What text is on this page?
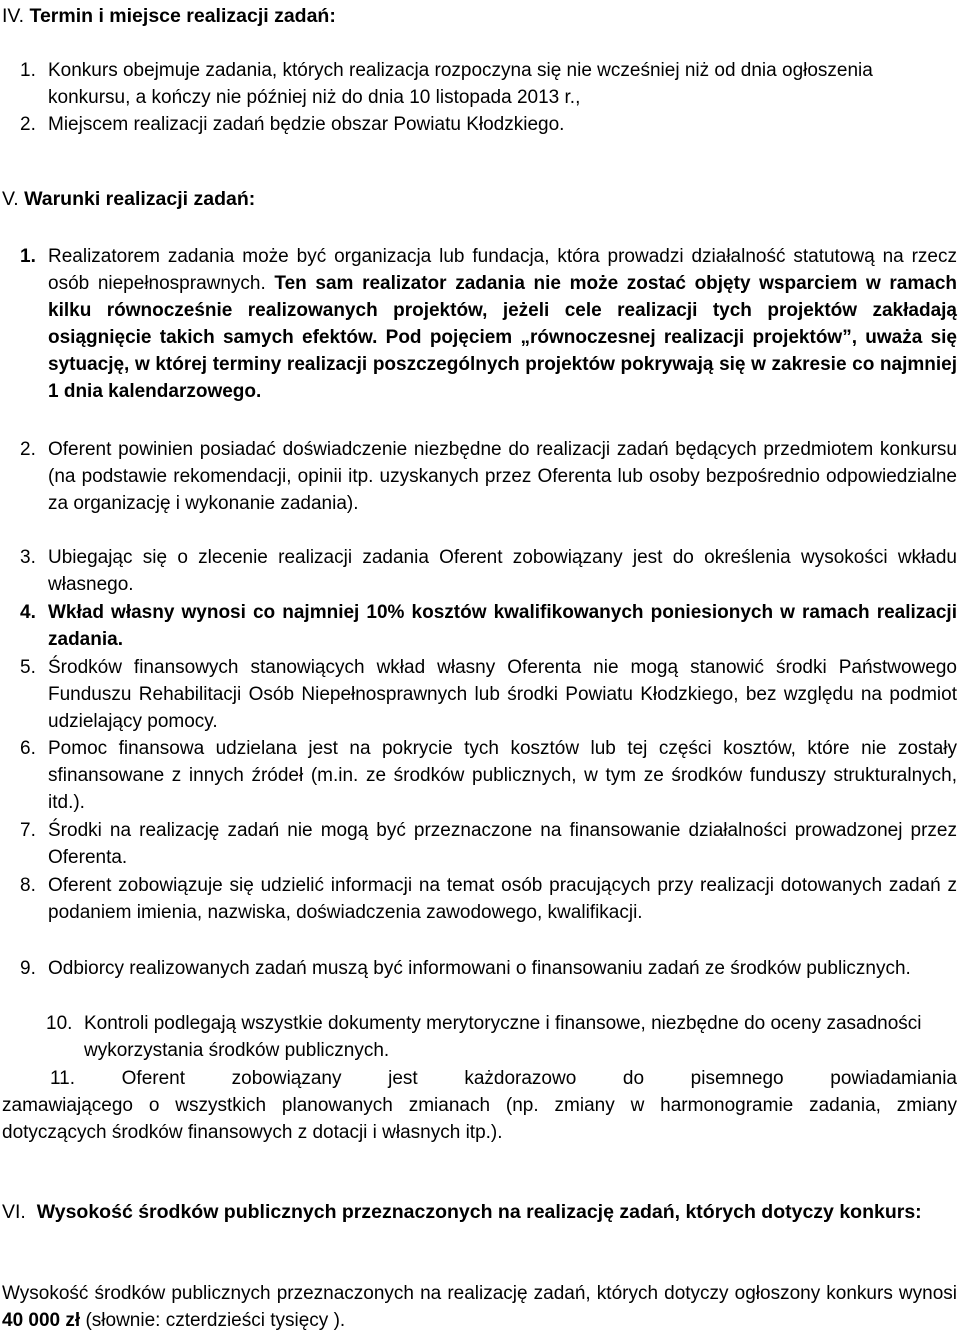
IV. Termin i miejsce realizacji zadań:
1. Konkurs obejmuje zadania, których realizacja rozpoczyna się nie wcześniej niż od dnia ogłoszenia konkursu, a kończy nie później niż do dnia 10 listopada 2013 r.,
2. Miejscem realizacji zadań będzie obszar Powiatu Kłodzkiego.
V. Warunki realizacji zadań:
1. Realizatorem zadania może być organizacja lub fundacja, która prowadzi działalność statutową na rzecz osób niepełnosprawnych. Ten sam realizator zadania nie może zostać objęty wsparciem w ramach kilku równocześnie realizowanych projektów, jeżeli cele realizacji tych projektów zakładają osiągnięcie takich samych efektów. Pod pojęciem „równoczesnej realizacji projektów”, uważa się sytuację, w której terminy realizacji poszczególnych projektów pokrywają się w zakresie co najmniej 1 dnia kalendarzowego.
2. Oferent powinien posiadać doświadczenie niezbędne do realizacji zadań będących przedmiotem konkursu (na podstawie rekomendacji, opinii itp. uzyskanych przez Oferenta lub osoby bezpośrednio odpowiedzialne za organizację i wykonanie zadania).
3. Ubiegając się o zlecenie realizacji zadania Oferent zobowiązany jest do określenia wysokości wkładu własnego.
4. Wkład własny wynosi co najmniej 10% kosztów kwalifikowanych poniesionych w ramach realizacji zadania.
5. Środków finansowych stanowiących wkład własny Oferenta nie mogą stanowić środki Państwowego Funduszu Rehabilitacji Osób Niepełnosprawnych lub środki Powiatu Kłodzkiego, bez względu na podmiot udzielający pomocy.
6. Pomoc finansowa udzielana jest na pokrycie tych kosztów lub tej części kosztów, które nie zostały sfinansowane z innych źródeł (m.in. ze środków publicznych, w tym ze środków funduszy strukturalnych, itd.).
7. Środki na realizację zadań nie mogą być przeznaczone na finansowanie działalności prowadzonej przez Oferenta.
8. Oferent zobowiązuje się udzielić informacji na temat osób pracujących przy realizacji dotowanych zadań z podaniem imienia, nazwiska, doświadczenia zawodowego, kwalifikacji.
9. Odbiorcy realizowanych zadań muszą być informowani o finansowaniu zadań ze środków publicznych.
10. Kontroli podlegają wszystkie dokumenty merytoryczne i finansowe, niezbędne do oceny zasadności wykorzystania środków publicznych.
11. Oferent zobowiązany jest każdorazowo do pisemnego powiadamiania
zamawiającego o wszystkich planowanych zmianach (np. zmiany w harmonogramie zadania, zmiany dotyczących środków finansowych z dotacji i własnych itp.).
VI. Wysokość środków publicznych przeznaczonych na realizację zadań, których dotyczy konkurs:
Wysokość środków publicznych przeznaczonych na realizację zadań, których dotyczy ogłoszony konkurs wynosi 40 000 zł (słownie: czterdzieści tysięcy ).
